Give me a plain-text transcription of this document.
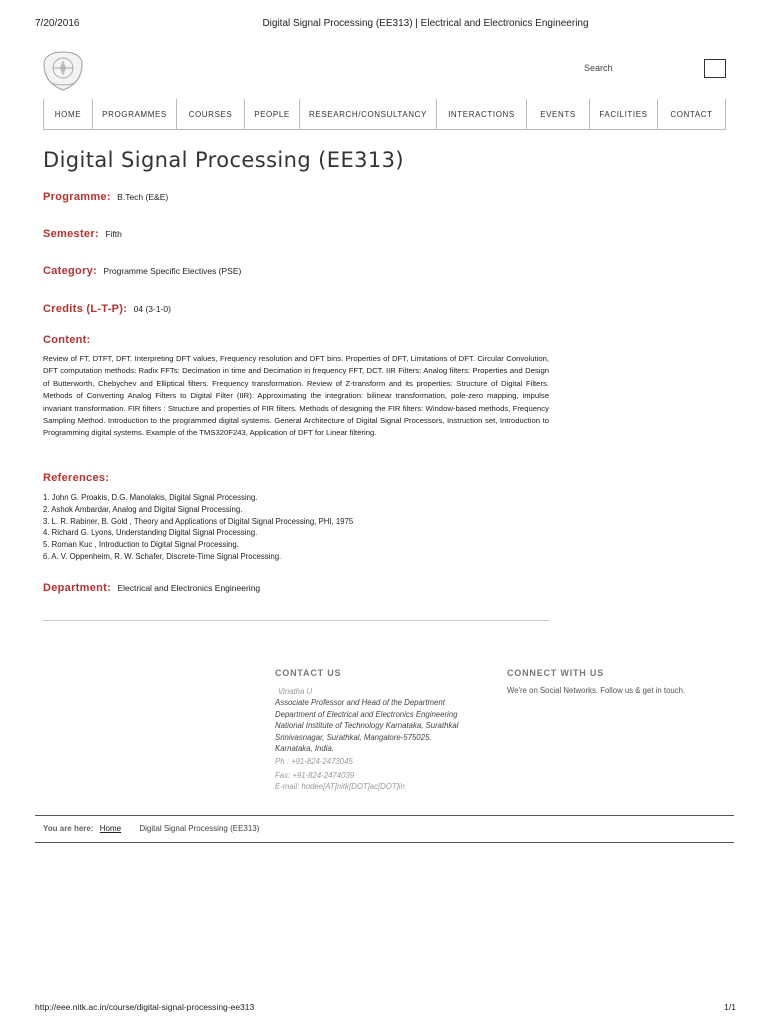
7/20/2016	Digital Signal Processing (EE313) | Electrical and Electronics Engineering
Search
HOME	PROGRAMMES	COURSES	PEOPLE	RESEARCH/CONSULTANCY	INTERACTIONS	EVENTS	FACILITIES	CONTACT
Digital Signal Processing (EE313)
Programme: B.Tech (E&E)
Semester: Fifth
Category: Programme Specific Electives (PSE)
Credits (L-T-P): 04 (3-1-0)
Content:
Review of FT, DTFT, DFT. Interpreting DFT values, Frequency resolution and DFT bins. Properties of DFT, Limitations of DFT. Circular Convolution, DFT computation methods: Radix FFTs: Decimation in time and Decimation in frequency FFT, DCT. IIR Filters: Analog filters: Properties and Design of Butterworth, Chebychev and Elliptical filters. Frequency transformation. Review of Z-transform and its properties: Structure of Digital Filters. Methods of Converting Analog Filters to Digital Filter (IIR): Approximating the integration: bilinear transformation, pole-zero mapping, impulse invariant transformation. FIR filters : Structure and properties of FIR filters. Methods of designing the FIR filters: Window-based methods, Frequency Sampling Method. Introduction to the programmed digital systems. General Architecture of Digital Signal Processors, Instruction set, Introduction to Programming digital systems. Example of the TMS320F243, Application of DFT for Linear filtering.
References:
1. John G. Proakis, D.G. Manolakis, Digital Signal Processing.
2. Ashok Ambardar, Analog and Digital Signal Processing.
3. L. R. Rabiner, B. Gold , Theory and Applications of Digital Signal Processing, PHI, 1975
4. Richard G. Lyons, Understanding Digital Signal Processing.
5. Roman Kuc , Introduction to Digital Signal Processing.
6. A. V. Oppenheim, R. W. Schafer, Discrete-Time Signal Processing.
Department: Electrical and Electronics Engineering
CONTACT US
Vinatha U
Associate Professor and Head of the Department
Department of Electrical and Electronics Engineering
National Institute of Technology Karnataka, Surathkal
Srinivasnagar, Surathkal, Mangalore-575025.
Karnataka, India.
Ph : +91-824-2473045
Fax: +91-824-2474039
E-mail: hodee[AT]nitk[DOT]ac[DOT]in
CONNECT WITH US
We're on Social Networks. Follow us & get in touch.
You are here: Home Digital Signal Processing (EE313)
http://eee.nitk.ac.in/course/digital-signal-processing-ee313	1/1
